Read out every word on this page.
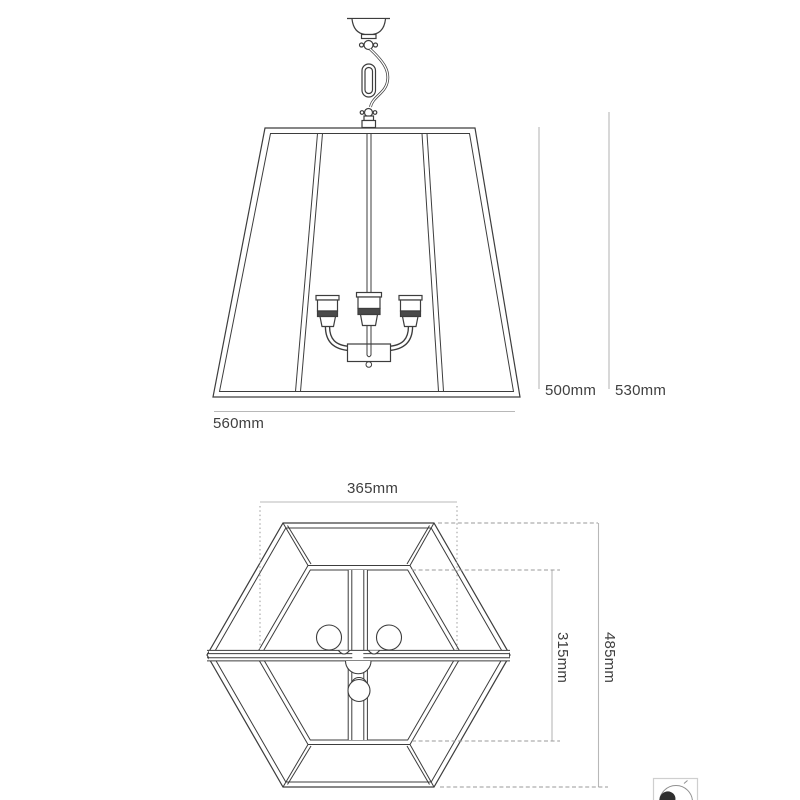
500mm 530mm
560mm
365mm
315mm 485mm
